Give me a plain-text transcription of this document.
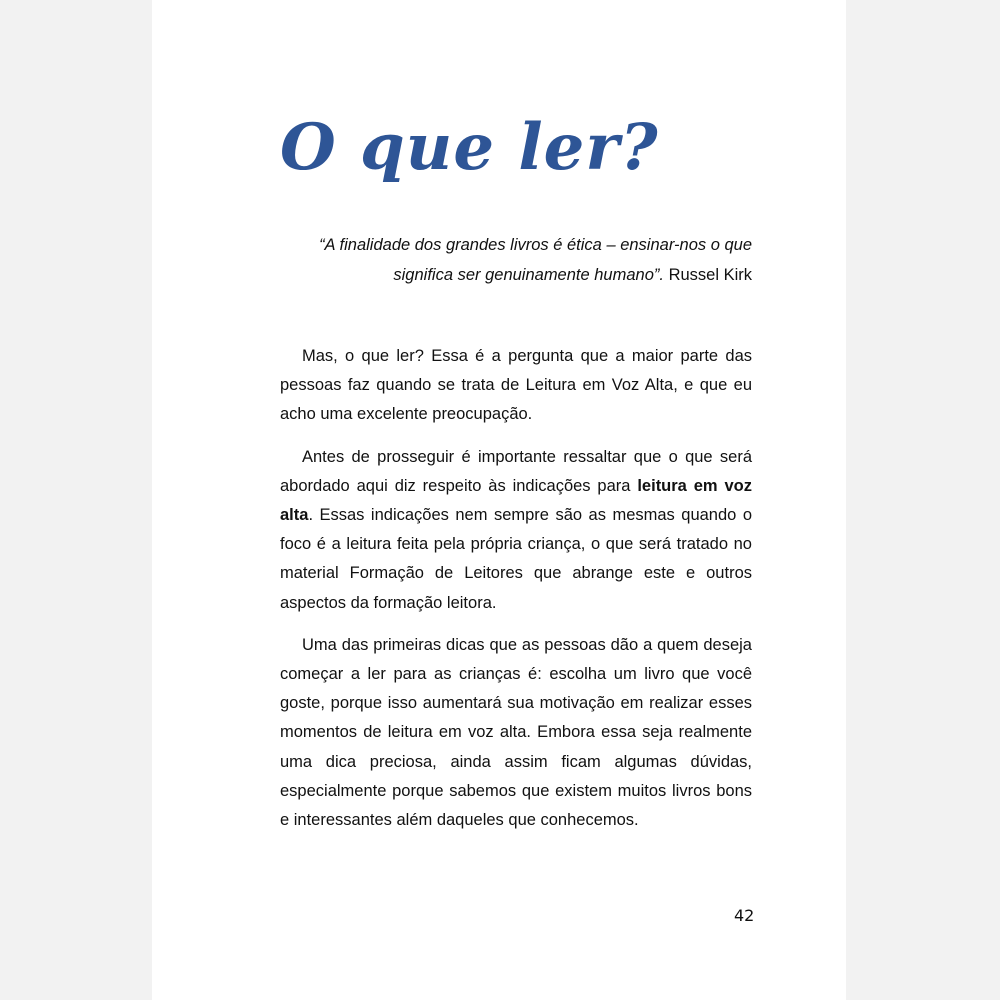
O que ler?

“A finalidade dos grandes livros é ética – ensinar-nos o que significa ser genuinamente humano”. Russel Kirk

Mas, o que ler? Essa é a pergunta que a maior parte das pessoas faz quando se trata de Leitura em Voz Alta, e que eu acho uma excelente preocupação.

Antes de prosseguir é importante ressaltar que o que será abordado aqui diz respeito às indicações para leitura em voz alta. Essas indicações nem sempre são as mesmas quando o foco é a leitura feita pela própria criança, o que será tratado no material Formação de Leitores que abrange este e outros aspectos da formação leitora.

Uma das primeiras dicas que as pessoas dão a quem deseja começar a ler para as crianças é: escolha um livro que você goste, porque isso aumentará sua motivação em realizar esses momentos de leitura em voz alta. Embora essa seja realmente uma dica preciosa, ainda assim ficam algumas dúvidas, especialmente porque sabemos que existem muitos livros bons e interessantes além daqueles que conhecemos.

42
